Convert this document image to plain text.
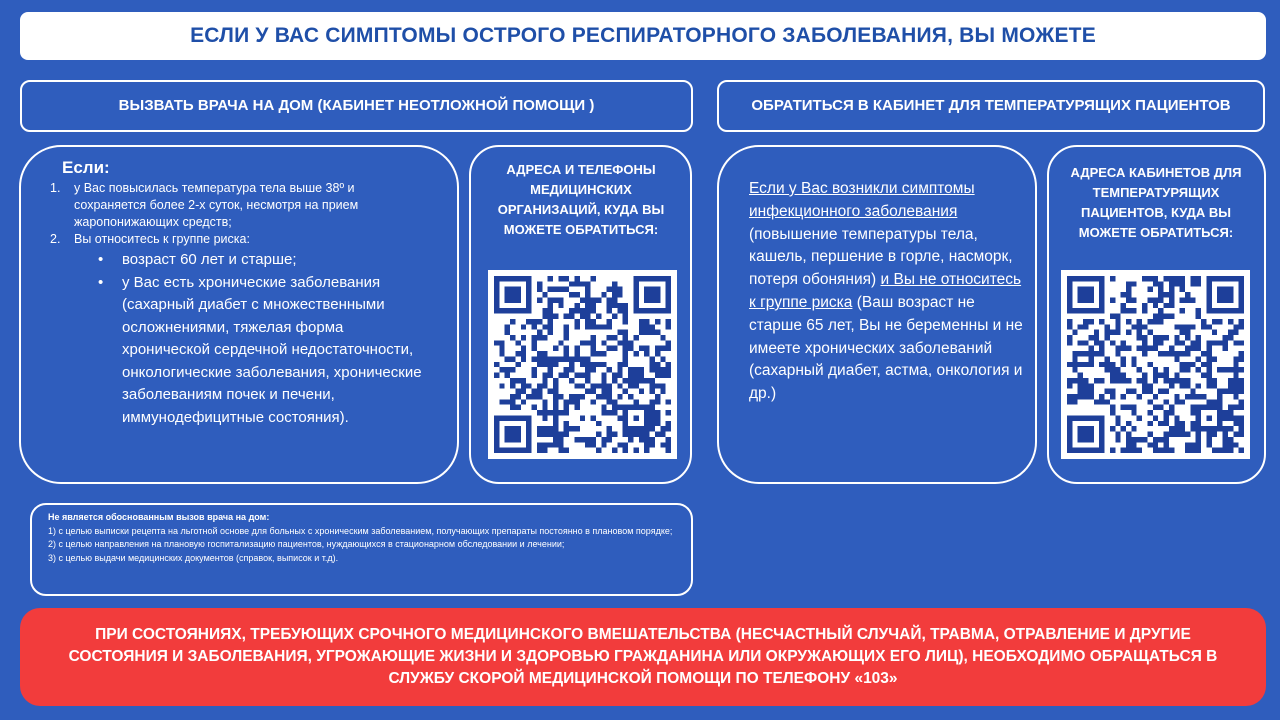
ЕСЛИ У ВАС СИМПТОМЫ ОСТРОГО РЕСПИРАТОРНОГО ЗАБОЛЕВАНИЯ, ВЫ МОЖЕТЕ
ВЫЗВАТЬ ВРАЧА НА ДОМ (КАБИНЕТ НЕОТЛОЖНОЙ ПОМОЩИ )	ОБРАТИТЬСЯ В КАБИНЕТ ДЛЯ ТЕМПЕРАТУРЯЩИХ ПАЦИЕНТОВ
Если:
1.	у Вас повысилась температура тела выше 38º и сохраняется более 2-х суток, несмотря на прием жаропонижающих средств;
2.	Вы относитесь к группе риска:
•	возраст 60 лет и старше;
•	у Вас есть хронические заболевания (сахарный диабет с множественными осложнениями, тяжелая форма хронической сердечной недостаточности, онкологические заболевания, хронические заболеваниям почек и печени, иммунодефицитные состояния).
АДРЕСА И ТЕЛЕФОНЫ МЕДИЦИНСКИХ ОРГАНИЗАЦИЙ, КУДА ВЫ МОЖЕТЕ ОБРАТИТЬСЯ:
Если у Вас возникли симптомы инфекционного заболевания (повышение температуры тела, кашель, першение в горле, насморк, потеря обоняния) и Вы не относитесь к группе риска (Ваш возраст не старше 65 лет, Вы не беременны и не имеете хронических заболеваний (сахарный диабет, астма, онкология и др.)
АДРЕСА КАБИНЕТОВ ДЛЯ ТЕМПЕРАТУРЯЩИХ ПАЦИЕНТОВ, КУДА ВЫ МОЖЕТЕ ОБРАТИТЬСЯ:
Не является обоснованным вызов врача на дом:
1) с целью выписки рецепта на льготной основе для больных с хроническим заболеванием, получающих препараты постоянно в плановом порядке;
2) с целью направления на плановую госпитализацию пациентов, нуждающихся в стационарном обследовании и лечении;
3) с целью выдачи медицинских документов (справок, выписок и т.д).
ПРИ СОСТОЯНИЯХ, ТРЕБУЮЩИХ СРОЧНОГО МЕДИЦИНСКОГО ВМЕШАТЕЛЬСТВА (НЕСЧАСТНЫЙ СЛУЧАЙ, ТРАВМА, ОТРАВЛЕНИЕ И ДРУГИЕ СОСТОЯНИЯ И ЗАБОЛЕВАНИЯ, УГРОЖАЮЩИЕ ЖИЗНИ И ЗДОРОВЬЮ ГРАЖДАНИНА ИЛИ ОКРУЖАЮЩИХ ЕГО ЛИЦ), НЕОБХОДИМО ОБРАЩАТЬСЯ В СЛУЖБУ СКОРОЙ МЕДИЦИНСКОЙ ПОМОЩИ ПО ТЕЛЕФОНУ «103»
